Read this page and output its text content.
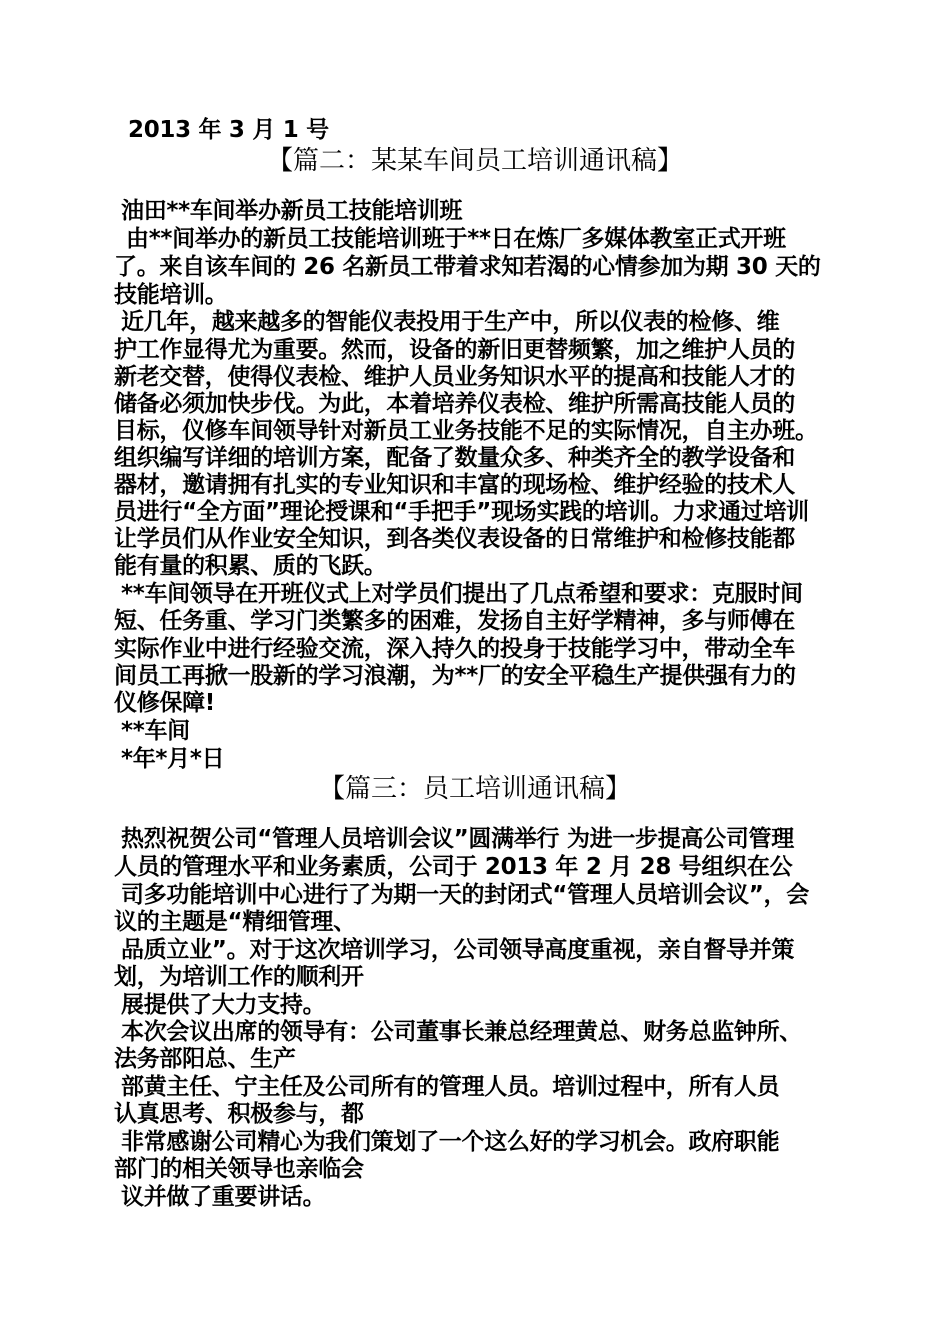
2013 年 3 月 1 号
【篇二：某某车间员工培训通讯稿】
油田**车间举办新员工技能培训班
由**间举办的新员工技能培训班于**日在炼厂多媒体教室正式开班
了。来自该车间的 26 名新员工带着求知若渴的心情参加为期 30 天的
技能培训。
近几年，越来越多的智能仪表投用于生产中，所以仪表的检修、维
护工作显得尤为重要。然而，设备的新旧更替频繁，加之维护人员的
新老交替，使得仪表检、维护人员业务知识水平的提高和技能人才的
储备必须加快步伐。为此，本着培养仪表检、维护所需高技能人员的
目标，仪修车间领导针对新员工业务技能不足的实际情况，自主办班。
组织编写详细的培训方案，配备了数量众多、种类齐全的教学设备和
器材，邀请拥有扎实的专业知识和丰富的现场检、维护经验的技术人
员进行“全方面”理论授课和“手把手”现场实践的培训。力求通过培训
让学员们从作业安全知识，到各类仪表设备的日常维护和检修技能都
能有量的积累、质的飞跃。
**车间领导在开班仪式上对学员们提出了几点希望和要求：克服时间
短、任务重、学习门类繁多的困难，发扬自主好学精神，多与师傅在
实际作业中进行经验交流，深入持久的投身于技能学习中，带动全车
间员工再掀一股新的学习浪潮，为**厂的安全平稳生产提供强有力的
仪修保障!
**车间
*年*月*日
【篇三：员工培训通讯稿】
热烈祝贺公司“管理人员培训会议”圆满举行 为进一步提高公司管理
人员的管理水平和业务素质，公司于 2013 年 2 月 28 号组织在公
司多功能培训中心进行了为期一天的封闭式“管理人员培训会议”，会
议的主题是“精细管理、
品质立业”。对于这次培训学习，公司领导高度重视，亲自督导并策
划，为培训工作的顺利开
展提供了大力支持。
本次会议出席的领导有：公司董事长兼总经理黄总、财务总监钟所、
法务部阳总、生产
部黄主任、宁主任及公司所有的管理人员。培训过程中，所有人员
认真思考、积极参与，都
非常感谢公司精心为我们策划了一个这么好的学习机会。政府职能
部门的相关领导也亲临会
议并做了重要讲话。
